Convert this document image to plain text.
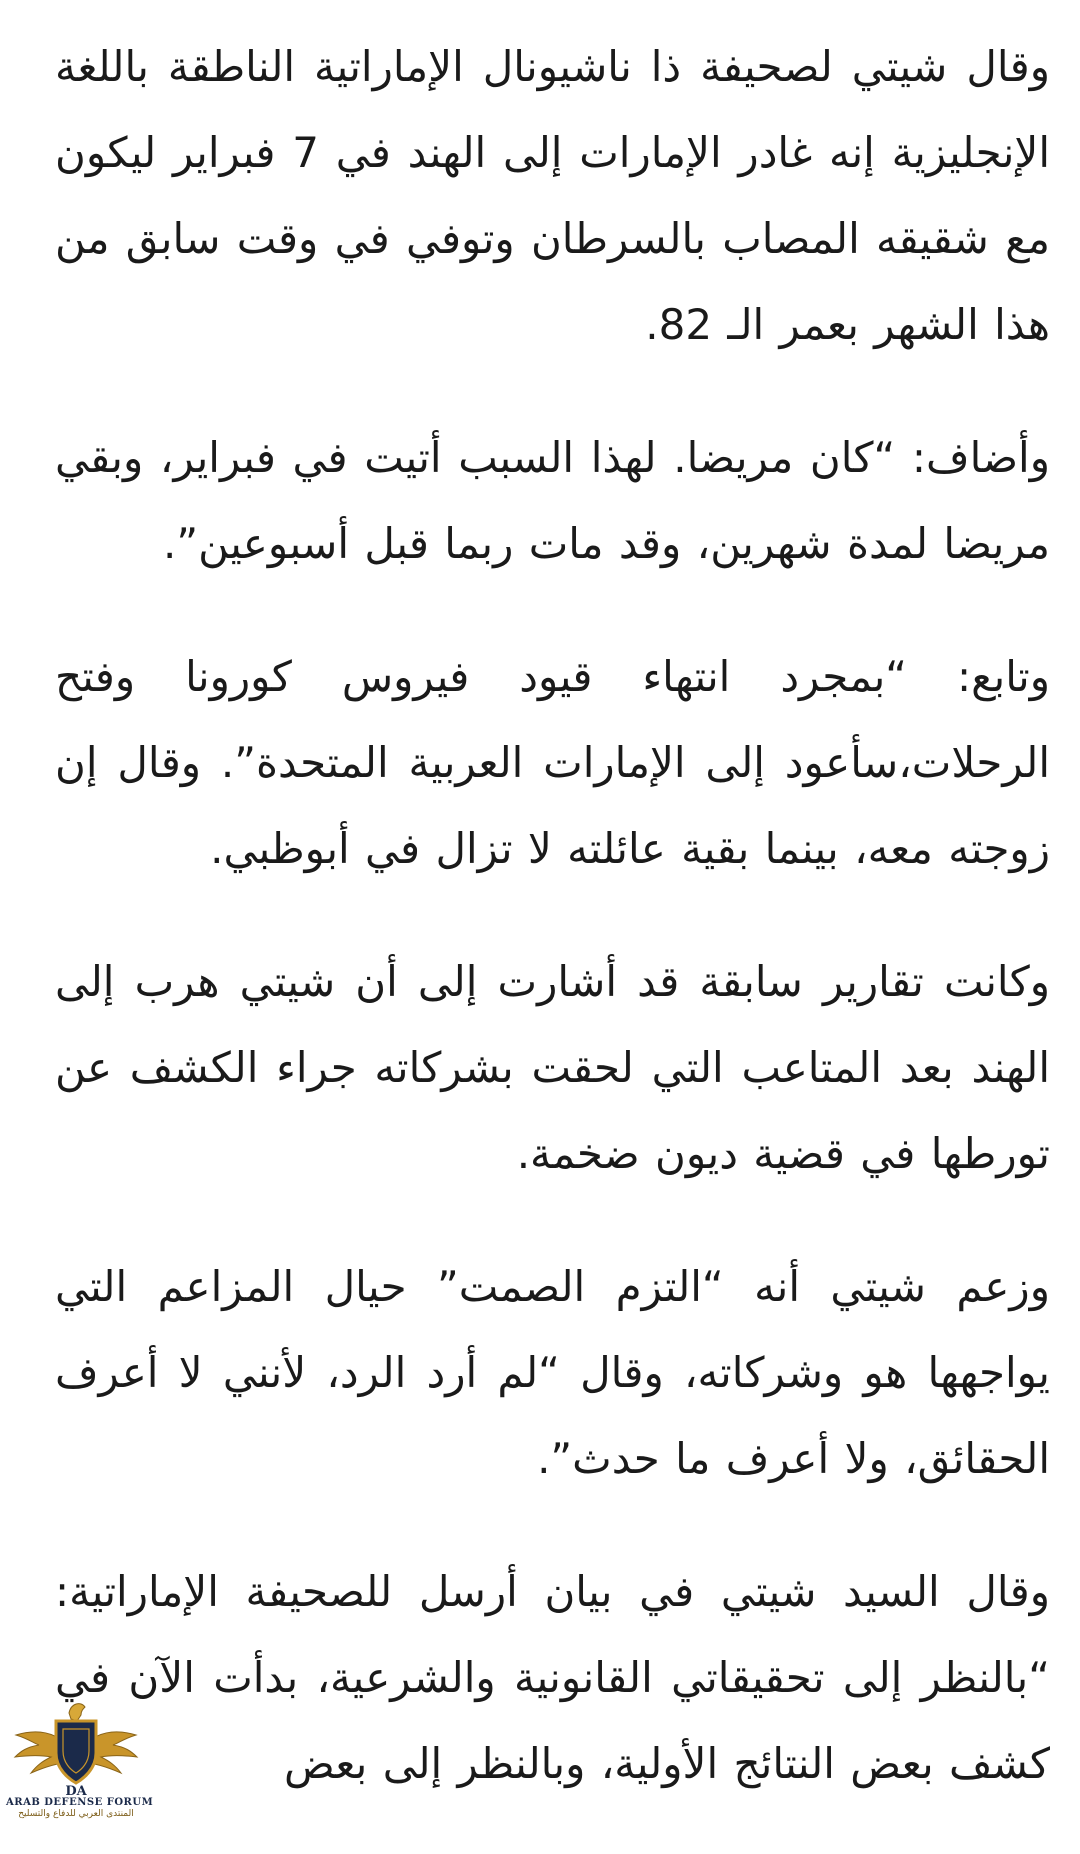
وقال شيتي لصحيفة ذا ناشيونال الإماراتية الناطقة باللغة الإنجليزية إنه غادر الإمارات إلى الهند في 7 فبراير ليكون مع شقيقه المصاب بالسرطان وتوفي في وقت سابق من هذا الشهر بعمر الـ 82.

وأضاف: “كان مريضا. لهذا السبب أتيت في فبراير، وبقي مريضا لمدة شهرين، وقد مات ربما قبل أسبوعين”.

وتابع: “بمجرد انتهاء قيود فيروس كورونا وفتح الرحلات،سأعود إلى الإمارات العربية المتحدة”. وقال إن زوجته معه، بينما بقية عائلته لا تزال في أبوظبي.

وكانت تقارير سابقة قد أشارت إلى أن شيتي هرب إلى الهند بعد المتاعب التي لحقت بشركاته جراء الكشف عن تورطها في قضية ديون ضخمة.

وزعم شيتي أنه “التزم الصمت” حيال المزاعم التي يواجهها هو وشركاته، وقال “لم أرد الرد، لأنني لا أعرف الحقائق، ولا أعرف ما حدث”.

وقال السيد شيتي في بيان أرسل للصحيفة الإماراتية: “بالنظر إلى تحقيقاتي القانونية والشرعية، بدأت الآن في كشف بعض النتائج الأولية، وبالنظر إلى بعض

DA
ARAB DEFENSE FORUM
المنتدى العربي للدفاع والتسليح
